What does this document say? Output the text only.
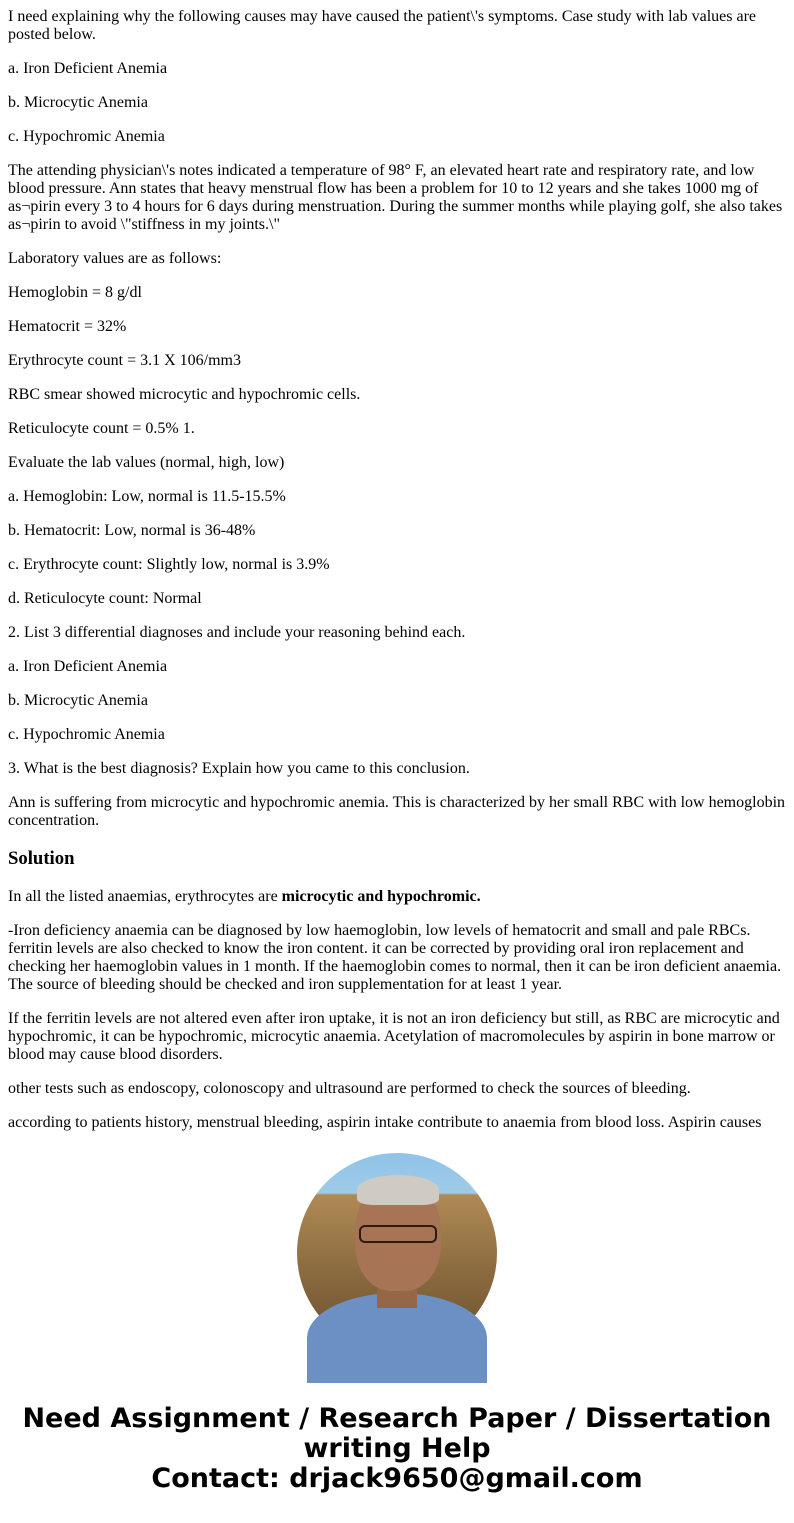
I need explaining why the following causes may have caused the patient\'s symptoms. Case study with lab values are posted below.

a. Iron Deficient Anemia

b. Microcytic Anemia

c. Hypochromic Anemia

The attending physician\'s notes indicated a temperature of 98° F, an elevated heart rate and respiratory rate, and low blood pressure. Ann states that heavy menstrual flow has been a problem for 10 to 12 years and she takes 1000 mg of as¬pirin every 3 to 4 hours for 6 days during menstruation. During the summer months while playing golf, she also takes as¬pirin to avoid \"stiffness in my joints.\"

Laboratory values are as follows:

Hemoglobin = 8 g/dl

Hematocrit = 32%

Erythrocyte count = 3.1 X 106/mm3

RBC smear showed microcytic and hypochromic cells.

Reticulocyte count = 0.5% 1.

Evaluate the lab values (normal, high, low)

a. Hemoglobin: Low, normal is 11.5-15.5%

b. Hematocrit: Low, normal is 36-48%

c. Erythrocyte count: Slightly low, normal is 3.9%

d. Reticulocyte count: Normal

2. List 3 differential diagnoses and include your reasoning behind each.

a. Iron Deficient Anemia

b. Microcytic Anemia

c. Hypochromic Anemia

3. What is the best diagnosis? Explain how you came to this conclusion.

Ann is suffering from microcytic and hypochromic anemia. This is characterized by her small RBC with low hemoglobin concentration.

Solution

In all the listed anaemias, erythrocytes are microcytic and hypochromic.

-Iron deficiency anaemia can be diagnosed by low haemoglobin, low levels of hematocrit and small and pale RBCs. ferritin levels are also checked to know the iron content. it can be corrected by providing oral iron replacement and checking her haemoglobin values in 1 month. If the haemoglobin comes to normal, then it can be iron deficient anaemia. The source of bleeding should be checked and iron supplementation for at least 1 year.

If the ferritin levels are not altered even after iron uptake, it is not an iron deficiency but still, as RBC are microcytic and hypochromic, it can be hypochromic, microcytic anaemia. Acetylation of macromolecules by aspirin in bone marrow or blood may cause blood disorders.

other tests such as endoscopy, colonoscopy and ultrasound are performed to check the sources of bleeding.

according to patients history, menstrual bleeding, aspirin intake contribute to anaemia from blood loss. Aspirin causes

Need Assignment / Research Paper / Dissertation writing Help
Contact: drjack9650@gmail.com
